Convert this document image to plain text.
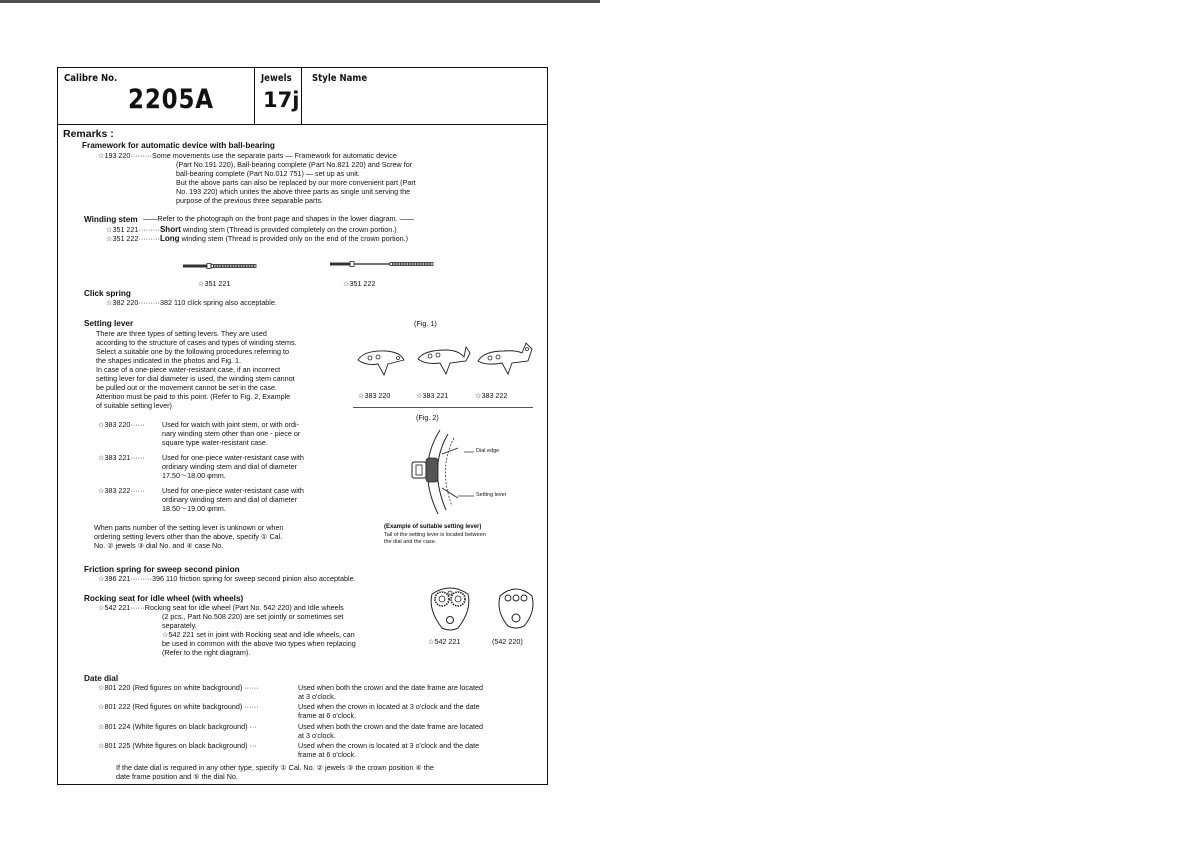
Calibre No.
2205A
Jewels
17j
Style Name
Remarks :
Framework for automatic device with ball-bearing
☆193 220·········Some movements use the separate parts — Framework for automatic device
(Part No.191 220), Ball-bearing complete (Part No.821 220) and Screw for
ball-bearing complete (Part No.012 751) — set up as unit.
But the above parts can also be replaced by our more convenient part (Part
No. 193 220) which unites the above three parts as single unit serving the
purpose of the previous three separable parts.
Winding stem ——Refer to the photograph on the front page and shapes in the lower diagram. ——
☆351 221·········Short winding stem (Thread is provided completely on the crown portion.)
☆351 222·········Long winding stem (Thread is provided only on the end of the crown portion.)
☆351 221	☆351 222
Click spring
☆382 220·········382 110 click spring also acceptable.
Setting lever
There are three types of setting levers. They are used
according to the structure of cases and types of winding stems.
Select a suitable one by the following procedures referring to
the shapes indicated in the photos and Fig. 1.
In case of a one-piece water-resistant case, if an incorrect
setting lever for dial diameter is used, the winding stem cannot
be pulled out or the movement cannot be set in the case.
Attention must be paid to this point. (Refer to Fig. 2, Example
of suitable setting lever)
☆383 220······ Used for watch with joint stem, or with ordi-
nary winding stem other than one - piece or
square type water-resistant case.
☆383 221······ Used for one-piece water-resistant case with
ordinary winding stem and dial of diameter
17.50～18.00 φmm.
☆383 222······ Used for one-piece water-resistant case with
ordinary winding stem and dial of diameter
18.50～19.00 φmm.
When parts number of the setting lever is unknown or when
ordering setting levers other than the above, specify ① Cal.
No. ② jewels ③ dial No. and ④ case No.
(Fig. 1)
☆383 220	☆383 221	☆383 222
(Fig. 2)
Dial edge
Setting lever
(Example of suitable setting lever)
Tail of the setting lever is located between
the dial and the case.
Friction spring for sweep second pinion
☆396 221·········396 110 friction spring for sweep second pinion also acceptable.
Rocking seat for idle wheel (with wheels)
☆542 221······Rocking seat for idle wheel (Part No. 542 220) and Idle wheels
(2 pcs., Part No.508 220) are set jointly or sometimes set
separately.
☆542 221 set in joint with Rocking seat and Idle wheels, can
be used in common with the above two types when replacing
(Refer to the right diagram).
☆542 221	(542 220)
Date dial
☆801 220 (Red figures on white background) ······	Used when both the crown and the date frame are located
at 3 o'clock.
☆801 222 (Red figures on white background) ······	Used when the crown in located at 3 o'clock and the date
frame at 6 o'clock.
☆801 224 (White figures on black background) ···	Used when both the crown and the date frame are located
at 3 o'clock.
☆801 225 (White figures on black background) ···	Used when the crown is located at 3 o'clock and the date
frame at 6 o'clock.
If the date dial is required in any other type, specify ① Cal. No. ② jewels ③ the crown position ④ the
date frame position and ⑤ the dial No.
